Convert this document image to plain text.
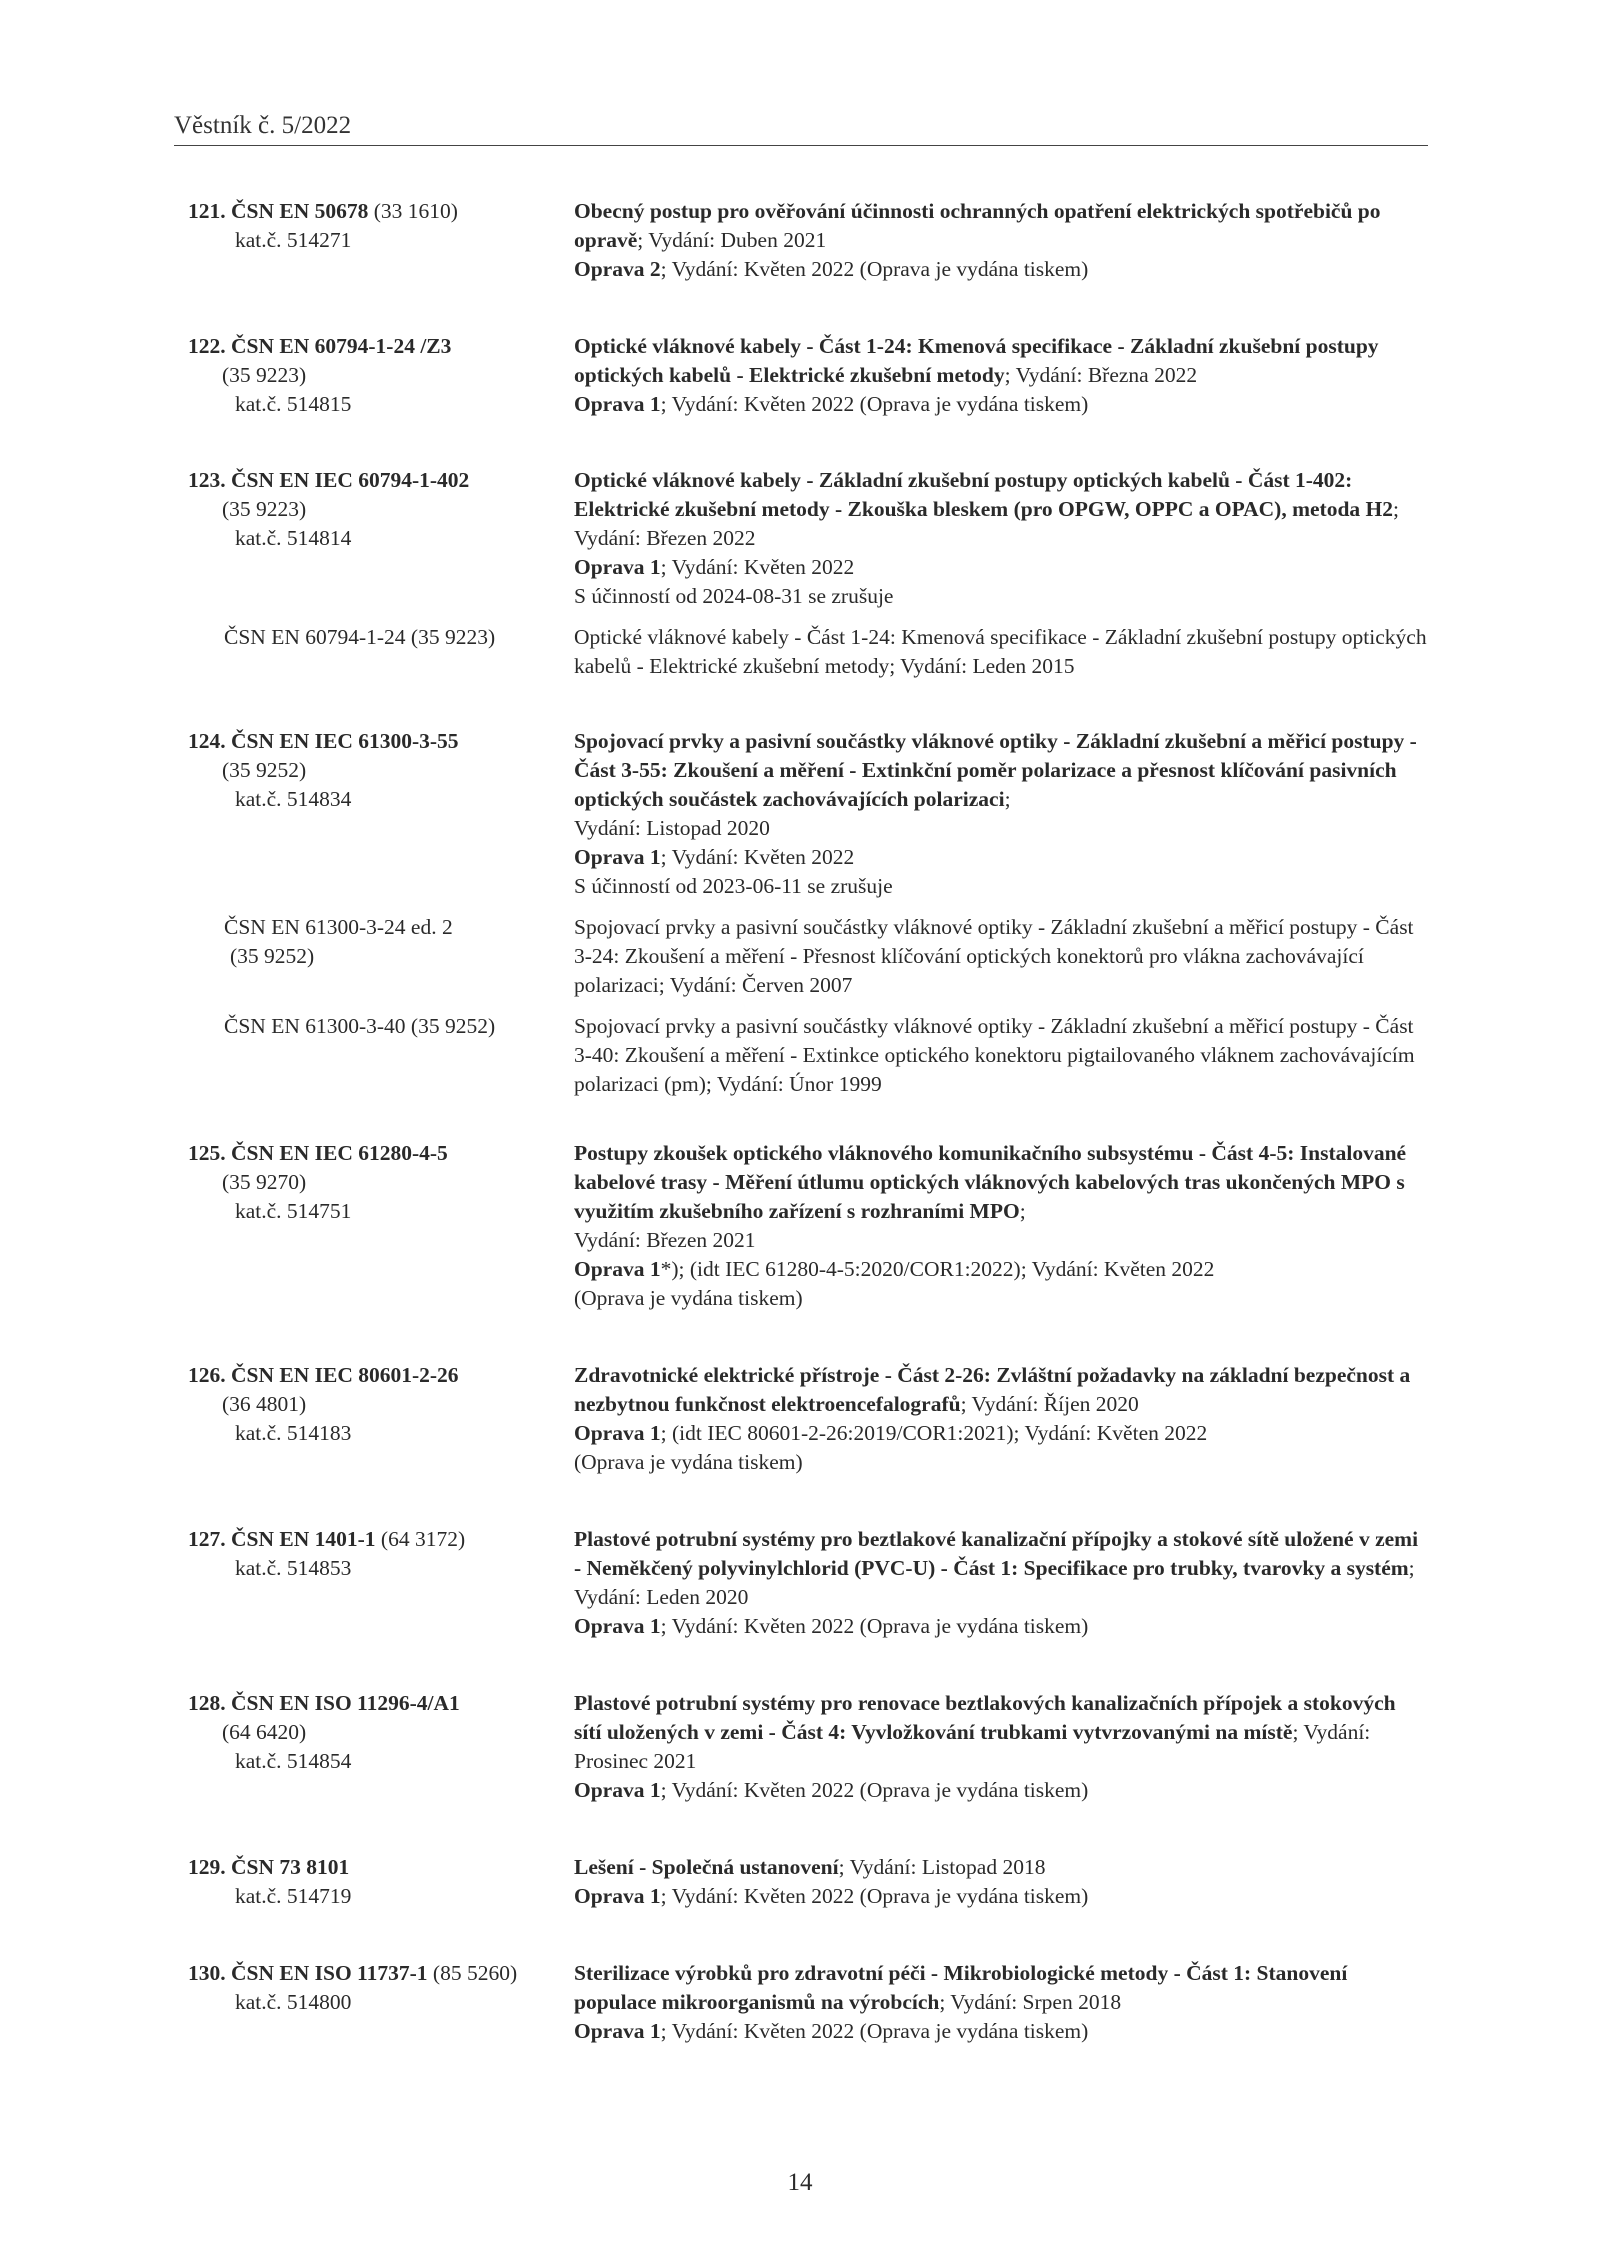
Věstník č. 5/2022
121. ČSN EN 50678 (33 1610)
kat.č. 514271
Obecný postup pro ověřování účinnosti ochranných opatření elektrických spotřebičů po opravě; Vydání: Duben 2021
Oprava 2; Vydání: Květen 2022 (Oprava je vydána tiskem)
122. ČSN EN 60794-1-24 /Z3
(35 9223)
kat.č. 514815
Optické vláknové kabely - Část 1-24: Kmenová specifikace - Základní zkušební postupy optických kabelů - Elektrické zkušební metody; Vydání: Března 2022
Oprava 1; Vydání: Květen 2022 (Oprava je vydána tiskem)
123. ČSN EN IEC 60794-1-402
(35 9223)
kat.č. 514814
Optické vláknové kabely - Základní zkušební postupy optických kabelů - Část 1-402: Elektrické zkušební metody - Zkouška bleskem (pro OPGW, OPPC a OPAC), metoda H2; Vydání: Březen 2022
Oprava 1; Vydání: Květen 2022
S účinností od 2024-08-31 se zrušuje
ČSN EN 60794-1-24 (35 9223)	Optické vláknové kabely - Část 1-24: Kmenová specifikace - Základní zkušební postupy optických kabelů - Elektrické zkušební metody; Vydání: Leden 2015
124. ČSN EN IEC 61300-3-55
(35 9252)
kat.č. 514834
Spojovací prvky a pasivní součástky vláknové optiky - Základní zkušební a měřicí postupy - Část 3-55: Zkoušení a měření - Extinkční poměr polarizace a přesnost klíčování pasivních optických součástek zachovávajících polarizaci;
Vydání: Listopad 2020
Oprava 1; Vydání: Květen 2022
S účinností od 2023-06-11 se zrušuje
ČSN EN 61300-3-24 ed. 2
(35 9252)
Spojovací prvky a pasivní součástky vláknové optiky - Základní zkušební a měřicí postupy - Část 3-24: Zkoušení a měření - Přesnost klíčování optických konektorů pro vlákna zachovávající polarizaci; Vydání: Červen 2007
ČSN EN 61300-3-40 (35 9252)	Spojovací prvky a pasivní součástky vláknové optiky - Základní zkušební a měřicí postupy - Část 3-40: Zkoušení a měření - Extinkce optického konektoru pigtailovaného vláknem zachovávajícím polarizaci (pm); Vydání: Únor 1999
125. ČSN EN IEC 61280-4-5
(35 9270)
kat.č. 514751
Postupy zkoušek optického vláknového komunikačního subsystému - Část 4-5: Instalované kabelové trasy - Měření útlumu optických vláknových kabelových tras ukončených MPO s využitím zkušebního zařízení s rozhraními MPO;
Vydání: Březen 2021
Oprava 1*); (idt IEC 61280-4-5:2020/COR1:2022); Vydání: Květen 2022
(Oprava je vydána tiskem)
126. ČSN EN IEC 80601-2-26
(36 4801)
kat.č. 514183
Zdravotnické elektrické přístroje - Část 2-26: Zvláštní požadavky na základní bezpečnost a nezbytnou funkčnost elektroencefalografů; Vydání: Říjen 2020
Oprava 1; (idt IEC 80601-2-26:2019/COR1:2021); Vydání: Květen 2022
(Oprava je vydána tiskem)
127. ČSN EN 1401-1 (64 3172)
kat.č. 514853
Plastové potrubní systémy pro beztlakové kanalizační přípojky a stokové sítě uložené v zemi - Neměkčený polyvinylchlorid (PVC-U) - Část 1: Specifikace pro trubky, tvarovky a systém; Vydání: Leden 2020
Oprava 1; Vydání: Květen 2022 (Oprava je vydána tiskem)
128. ČSN EN ISO 11296-4/A1
(64 6420)
kat.č. 514854
Plastové potrubní systémy pro renovace beztlakových kanalizačních přípojek a stokových sítí uložených v zemi - Část 4: Vyvložkování trubkami vytvrzovanými na místě; Vydání: Prosinec 2021
Oprava 1; Vydání: Květen 2022 (Oprava je vydána tiskem)
129. ČSN 73 8101
kat.č. 514719
Lešení - Společná ustanovení; Vydání: Listopad 2018
Oprava 1; Vydání: Květen 2022 (Oprava je vydána tiskem)
130. ČSN EN ISO 11737-1 (85 5260)
kat.č. 514800
Sterilizace výrobků pro zdravotní péči - Mikrobiologické metody - Část 1: Stanovení populace mikroorganismů na výrobcích; Vydání: Srpen 2018
Oprava 1; Vydání: Květen 2022 (Oprava je vydána tiskem)
14
